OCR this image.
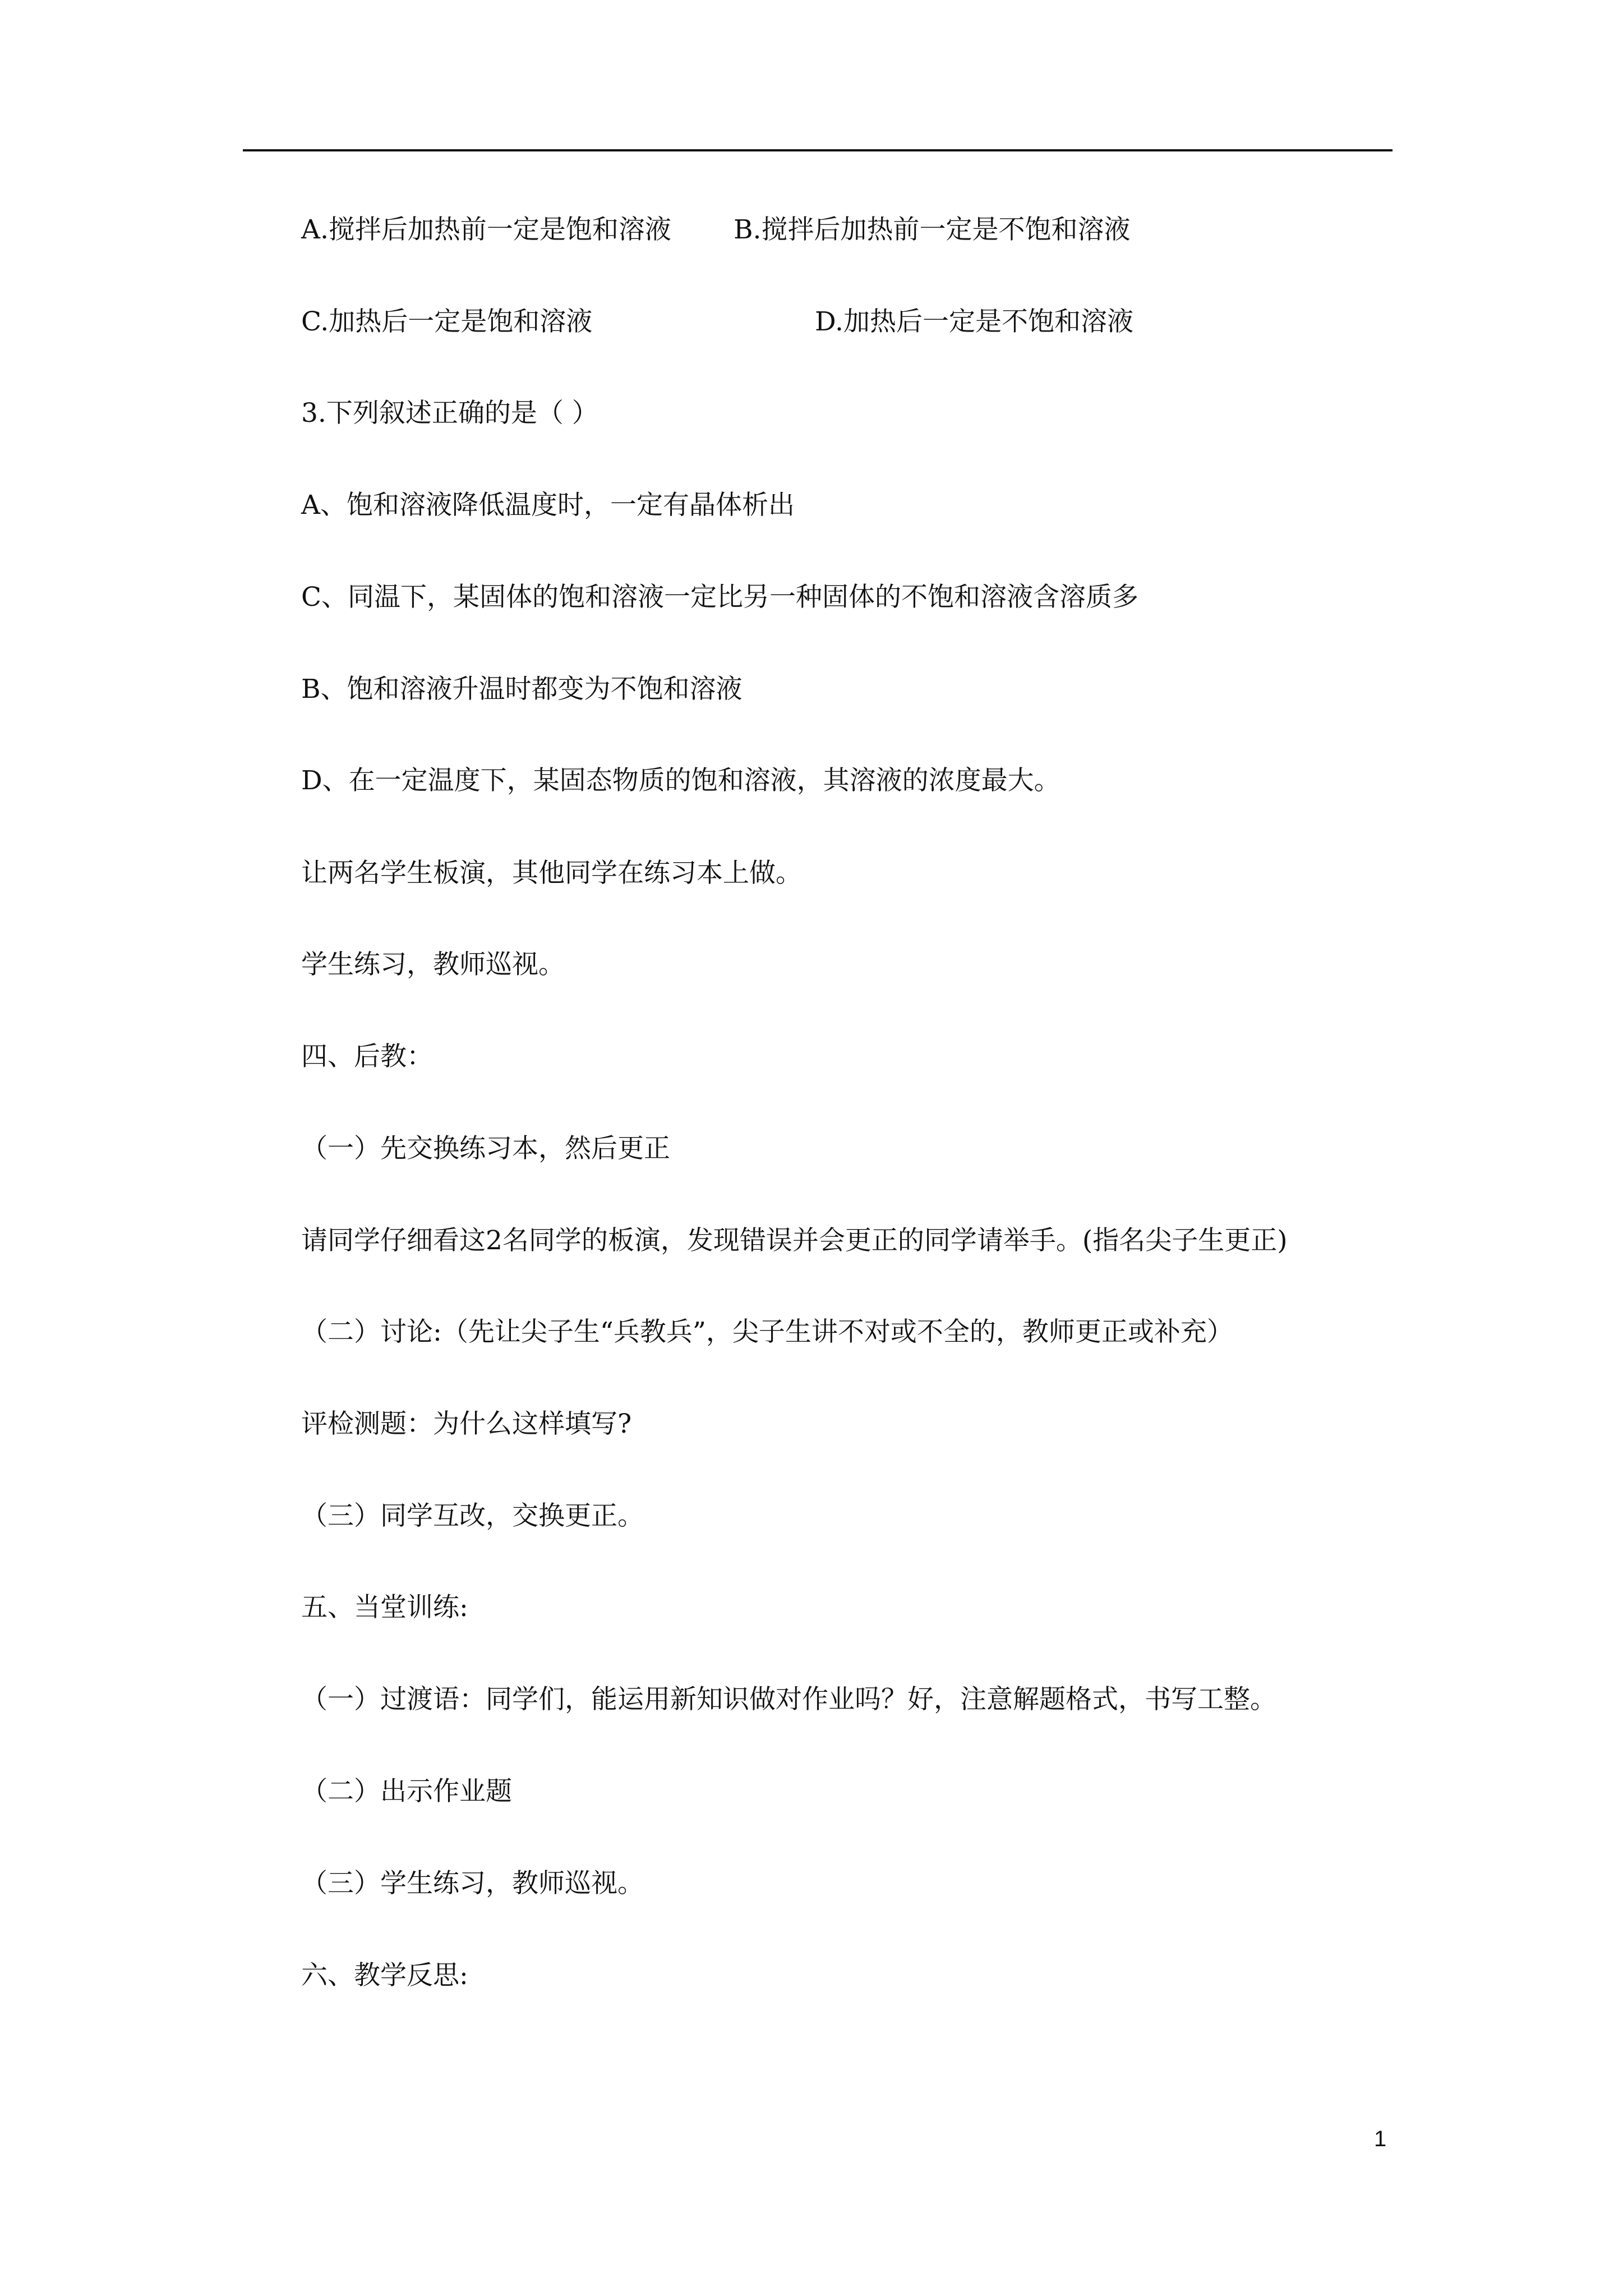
A.搅拌后加热前一定是饱和溶液 B.搅拌后加热前一定是不饱和溶液
C.加热后一定是饱和溶液	D.加热后一定是不饱和溶液
3.下列叙述正确的是（ ）
A、饱和溶液降低温度时，一定有晶体析出
C、同温下，某固体的饱和溶液一定比另一种固体的不饱和溶液含溶质多
B、饱和溶液升温时都变为不饱和溶液
D、在一定温度下，某固态物质的饱和溶液，其溶液的浓度最大。
让两名学生板演，其他同学在练习本上做。
学生练习，教师巡视。
四、后教：
（一）先交换练习本，然后更正
请同学仔细看这2名同学的板演，发现错误并会更正的同学请举手。(指名尖子生更正)
（二）讨论:（先让尖子生“兵教兵”，尖子生讲不对或不全的，教师更正或补充）
评检测题：为什么这样填写?
（三）同学互改，交换更正。
五、当堂训练:
（一）过渡语：同学们，能运用新知识做对作业吗？好，注意解题格式，书写工整。
（二）出示作业题
（三）学生练习，教师巡视。
六、教学反思:
1
